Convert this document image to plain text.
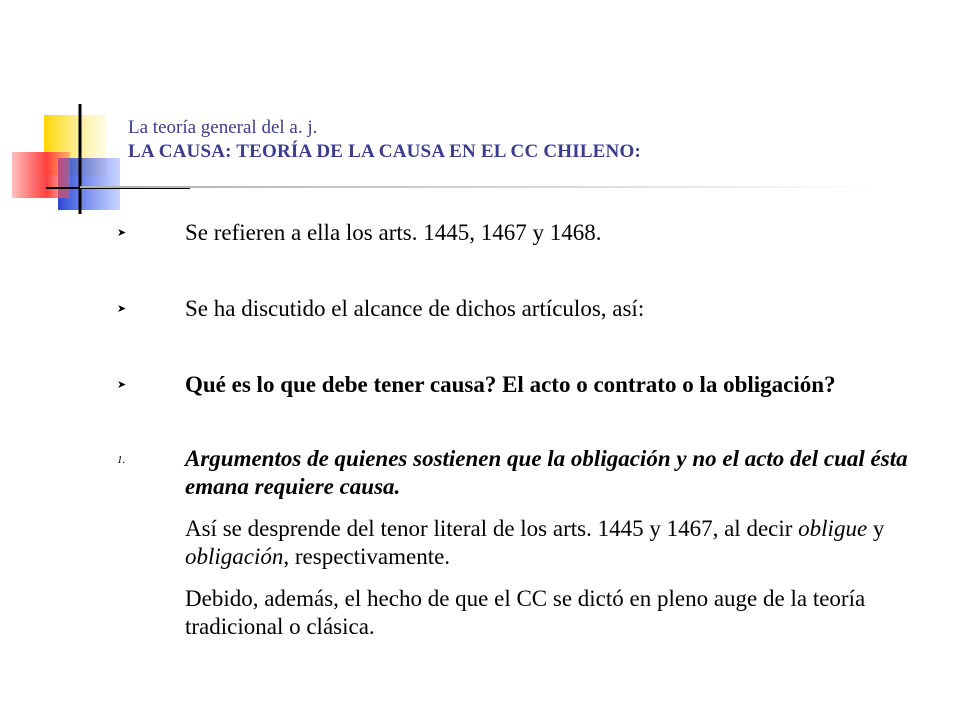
La teoría general del a. j.
LA CAUSA: TEORÍA DE LA CAUSA EN EL CC CHILENO:
➤	Se refieren a ella los arts. 1445, 1467 y 1468.
➤	Se ha discutido el alcance de dichos artículos, así:
➤	Qué es lo que debe tener causa? El acto o contrato o la obligación?
1.	Argumentos de quienes sostienen que la obligación y no el acto del cual ésta emana requiere causa.
Así se desprende del tenor literal de los arts. 1445 y 1467, al decir obligue y obligación, respectivamente.
Debido, además, el hecho de que el CC se dictó en pleno auge de la teoría tradicional o clásica.
